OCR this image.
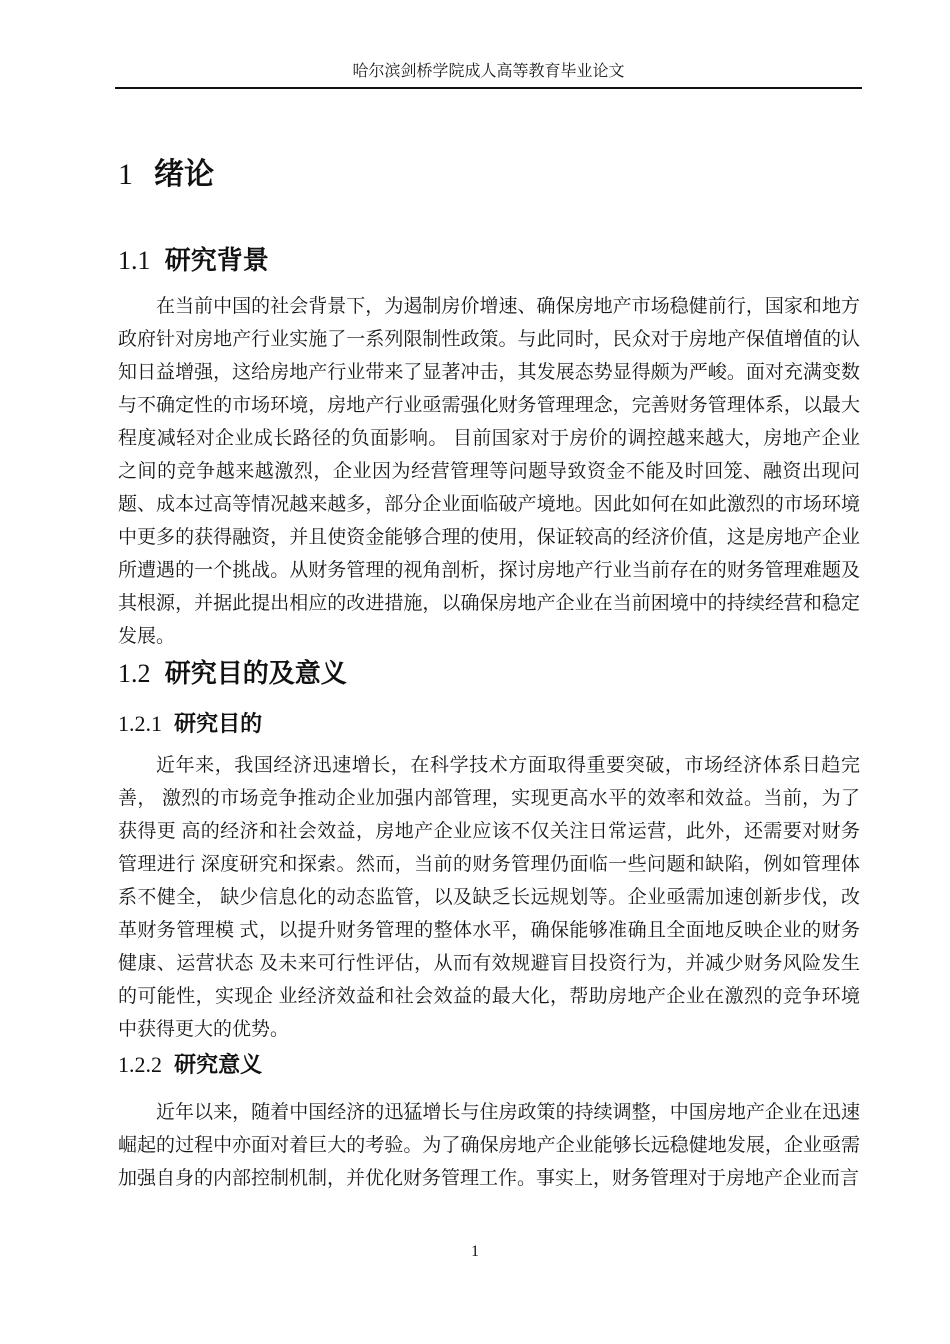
哈尔滨剑桥学院成人高等教育毕业论文
1 绪论
1.1 研究背景

在当前中国的社会背景下，为遏制房价增速、确保房地产市场稳健前行，国家和地方政府针对房地产行业实施了一系列限制性政策。与此同时，民众对于房地产保值增值的认知日益增强，这给房地产行业带来了显著冲击，其发展态势显得颇为严峻。面对充满变数与不确定性的市场环境，房地产行业亟需强化财务管理理念，完善财务管理体系，以最大程度减轻对企业成长路径的负面影响。 目前国家对于房价的调控越来越大，房地产企业之间的竞争越来越激烈，企业因为经营管理等问题导致资金不能及时回笼、融资出现问题、成本过高等情况越来越多，部分企业面临破产境地。因此如何在如此激烈的市场环境中更多的获得融资，并且使资金能够合理的使用，保证较高的经济价值，这是房地产企业所遭遇的一个挑战。从财务管理的视角剖析，探讨房地产行业当前存在的财务管理难题及其根源，并据此提出相应的改进措施，以确保房地产企业在当前困境中的持续经营和稳定发展。

1.2 研究目的及意义
1.2.1 研究目的

近年来，我国经济迅速增长，在科学技术方面取得重要突破，市场经济体系日趋完善， 激烈的市场竞争推动企业加强内部管理，实现更高水平的效率和效益。当前，为了获得更 高的经济和社会效益，房地产企业应该不仅关注日常运营，此外，还需要对财务管理进行 深度研究和探索。然而，当前的财务管理仍面临一些问题和缺陷，例如管理体系不健全， 缺少信息化的动态监管，以及缺乏长远规划等。企业亟需加速创新步伐，改革财务管理模 式，以提升财务管理的整体水平，确保能够准确且全面地反映企业的财务健康、运营状态 及未来可行性评估，从而有效规避盲目投资行为，并减少财务风险发生的可能性，实现企 业经济效益和社会效益的最大化，帮助房地产企业在激烈的竞争环境中获得更大的优势。

1.2.2 研究意义

近年以来，随着中国经济的迅猛增长与住房政策的持续调整，中国房地产企业在迅速崛起的过程中亦面对着巨大的考验。为了确保房地产企业能够长远稳健地发展，企业亟需加强自身的内部控制机制，并优化财务管理工作。事实上，财务管理对于房地产企业而言

1
